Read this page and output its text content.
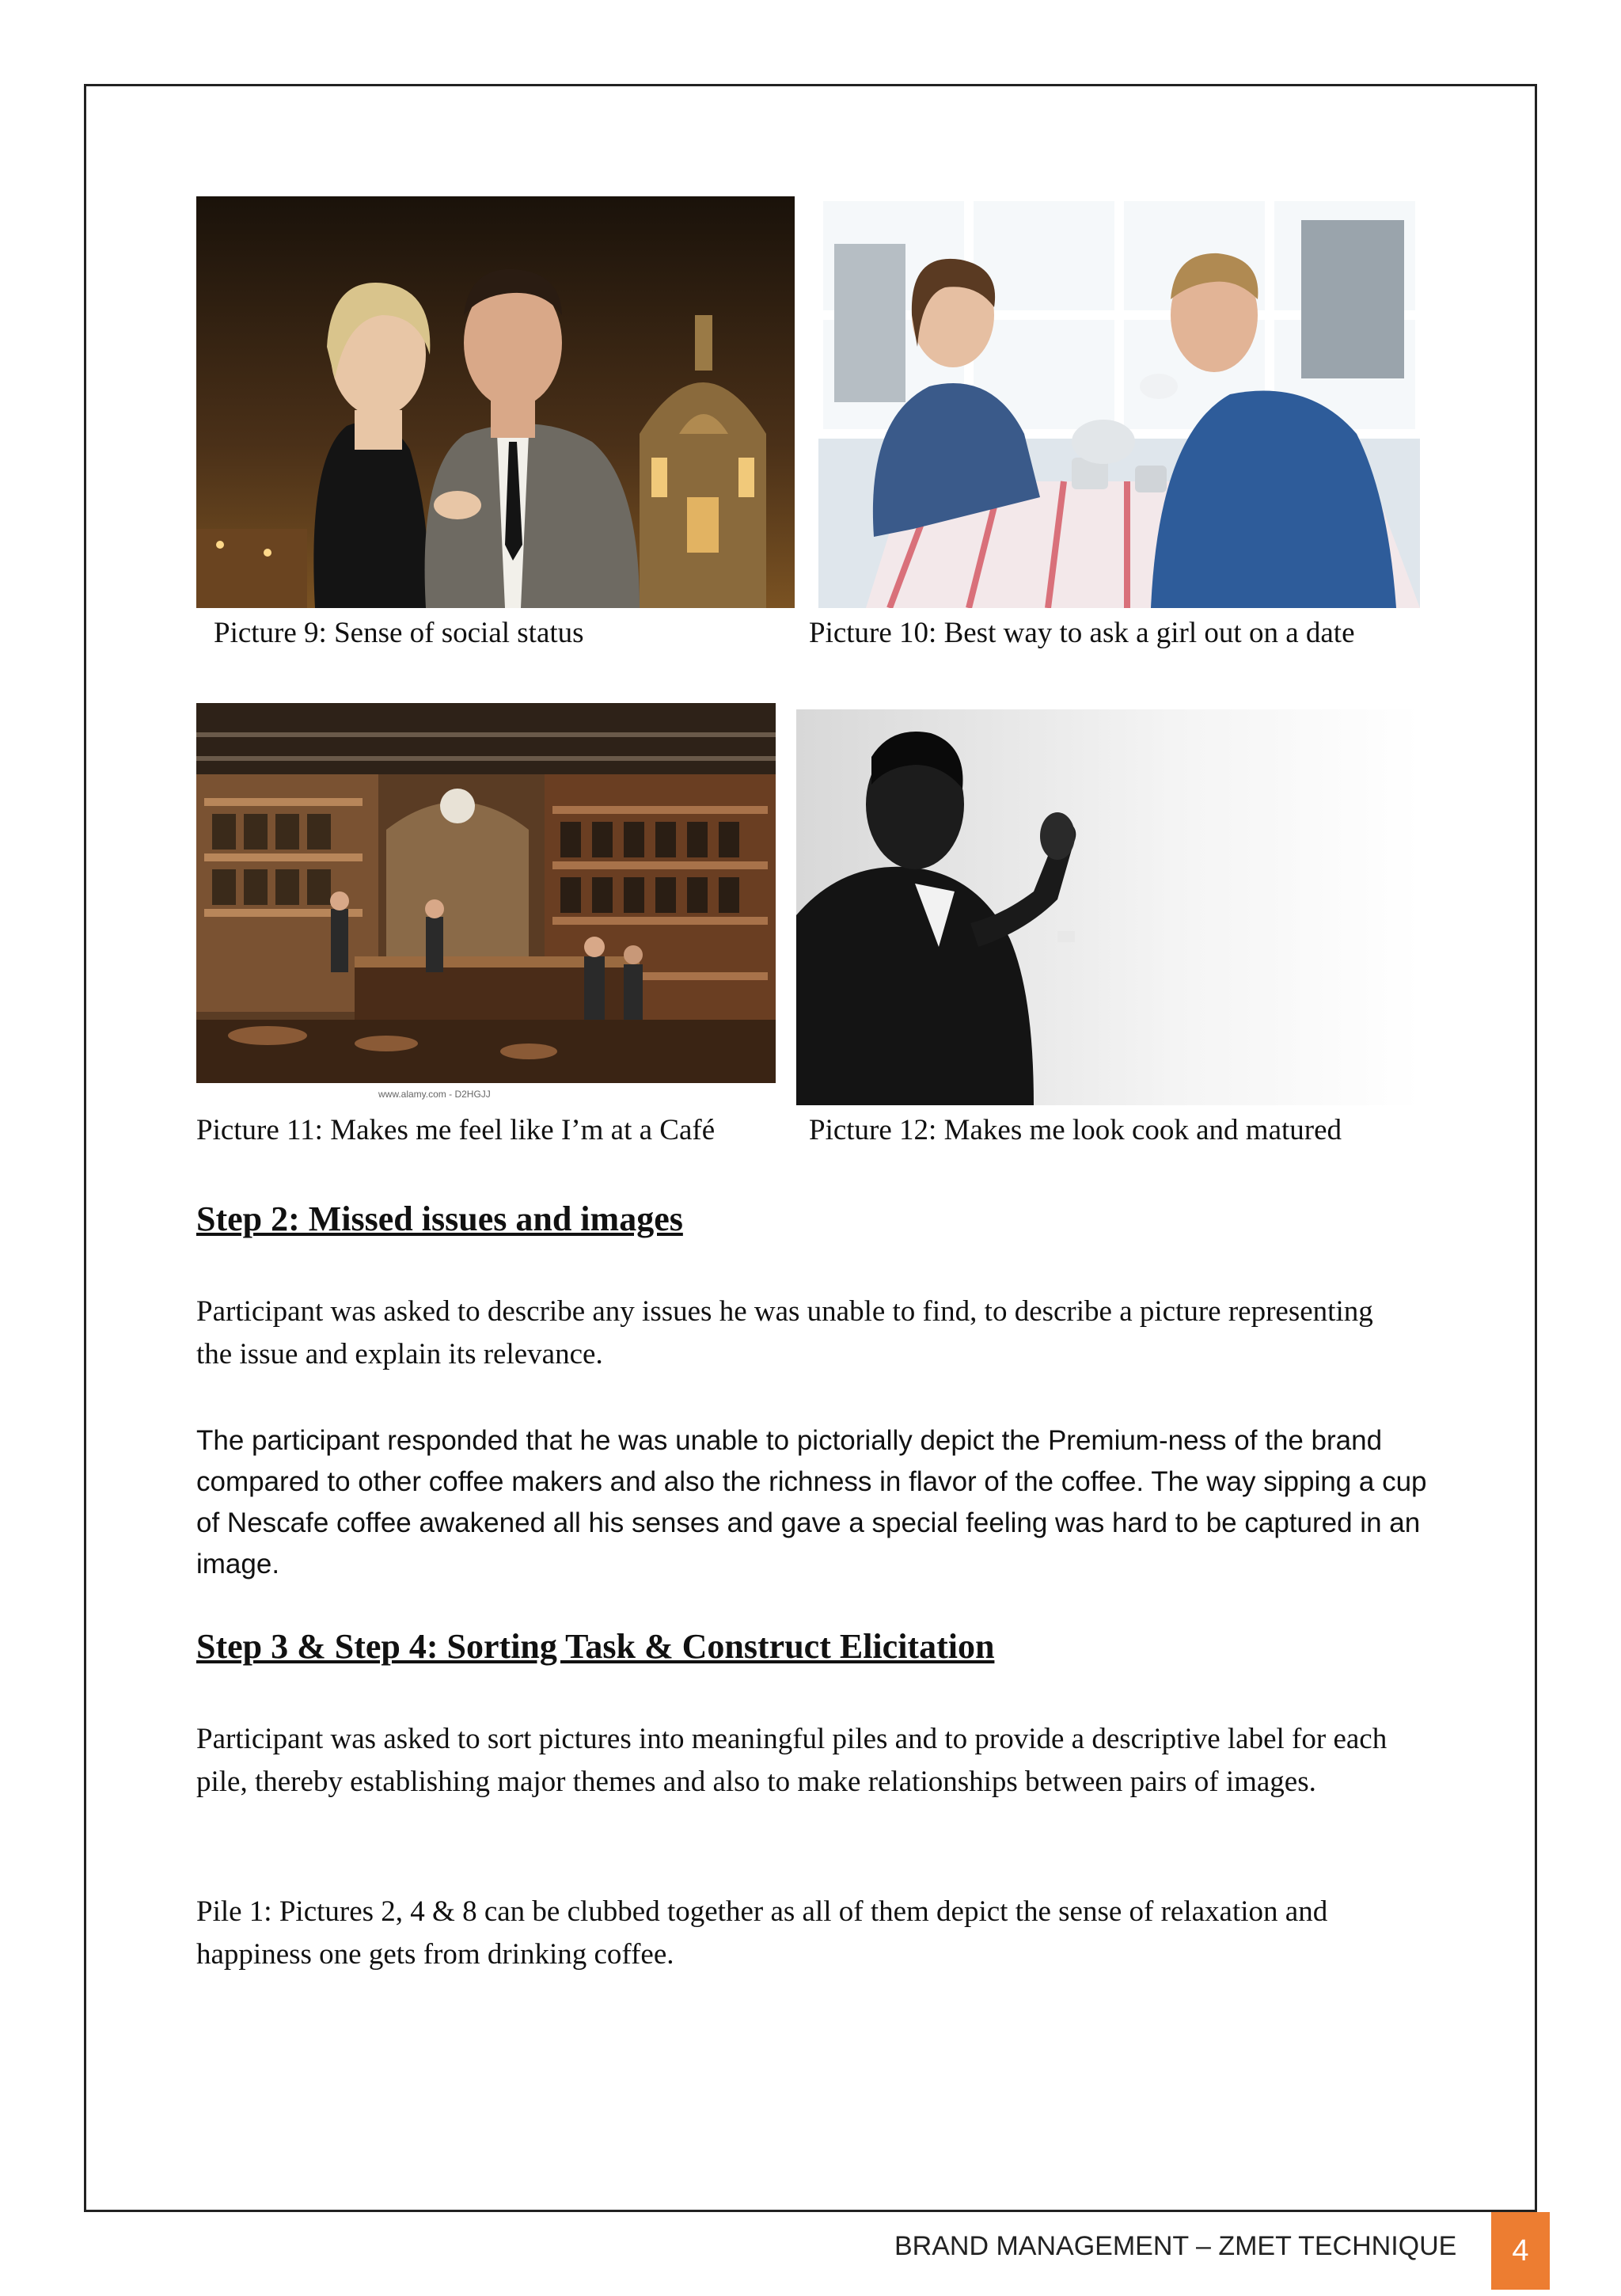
Picture 9: Sense of social status	Picture 10: Best way to ask a girl out on a date
www.alamy.com - D2HGJJ
Picture 11: Makes me feel like I’m at a Café	Picture 12: Makes me look cook and matured
Step 2: Missed issues and images
Participant was asked to describe any issues he was unable to find, to describe a picture representing the issue and explain its relevance.
The participant responded that he was unable to pictorially depict the Premium-ness of the brand compared to other coffee makers and also the richness in flavor of the coffee. The way sipping a cup of Nescafe coffee awakened all his senses and gave a special feeling was hard to be captured in an image.
Step 3 & Step 4: Sorting Task & Construct Elicitation
Participant was asked to sort pictures into meaningful piles and to provide a descriptive label for each pile, thereby establishing major themes and also to make relationships between pairs of images.
Pile 1: Pictures 2, 4 & 8 can be clubbed together as all of them depict the sense of relaxation and happiness one gets from drinking coffee.
BRAND MANAGEMENT – ZMET TECHNIQUE	4
